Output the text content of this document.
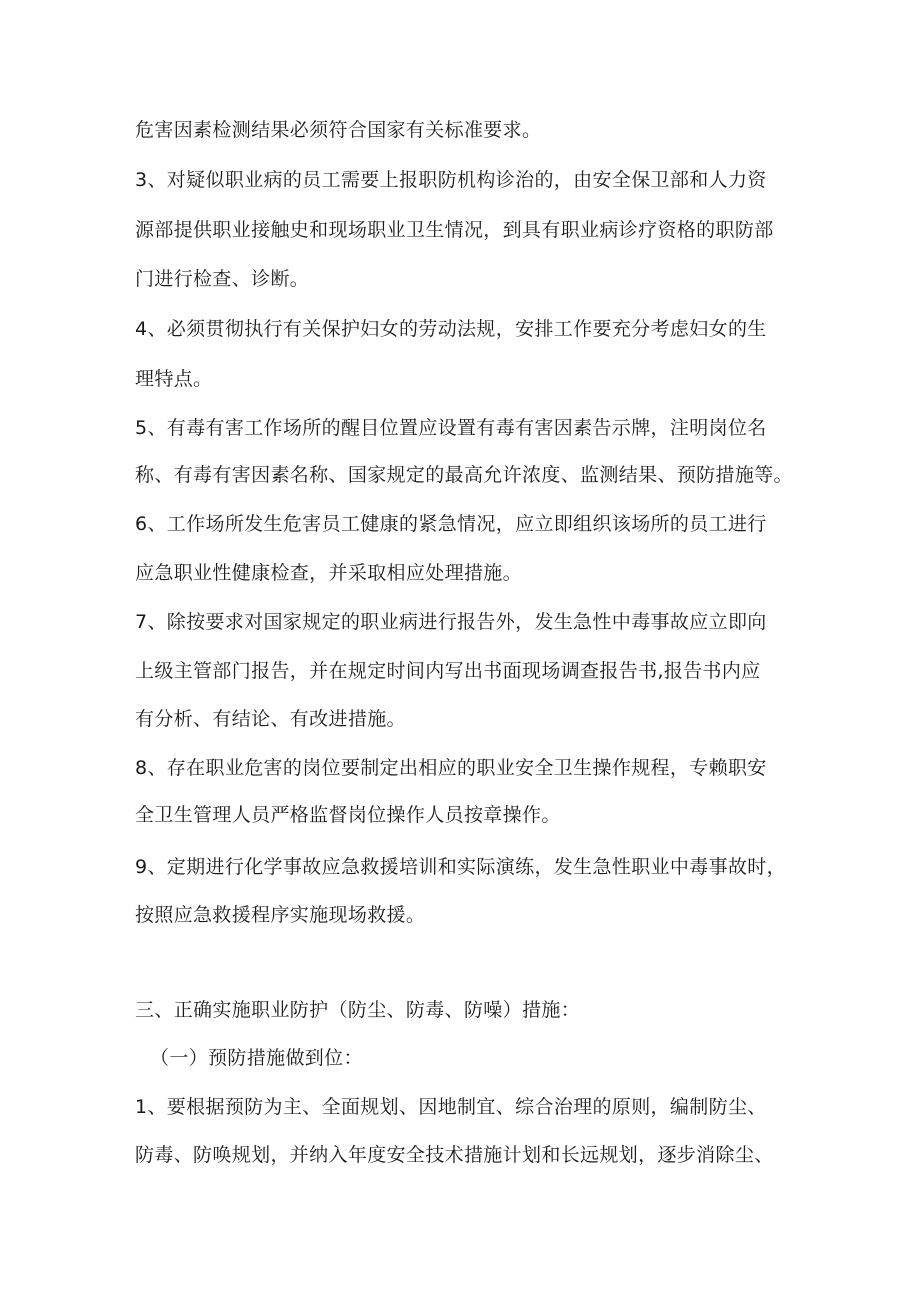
危害因素检测结果必须符合国家有关标准要求。
3、对疑似职业病的员工需要上报职防机构诊治的，由安全保卫部和人力资
源部提供职业接触史和现场职业卫生情况，到具有职业病诊疗资格的职防部
门进行检查、诊断。
4、必须贯彻执行有关保护妇女的劳动法规，安排工作要充分考虑妇女的生
理特点。
5、有毒有害工作场所的醒目位置应设置有毒有害因素告示牌，注明岗位名
称、有毒有害因素名称、国家规定的最高允许浓度、监测结果、预防措施等。
6、工作场所发生危害员工健康的紧急情况，应立即组织该场所的员工进行
应急职业性健康检查，并采取相应处理措施。
7、除按要求对国家规定的职业病进行报告外，发生急性中毒事故应立即向
上级主管部门报告，并在规定时间内写出书面现场调查报告书,报告书内应
有分析、有结论、有改进措施。
8、存在职业危害的岗位要制定出相应的职业安全卫生操作规程，专赖职安
全卫生管理人员严格监督岗位操作人员按章操作。
9、定期进行化学事故应急救援培训和实际演练，发生急性职业中毒事故时，
按照应急救援程序实施现场救援。
三、正确实施职业防护（防尘、防毒、防噪）措施：
（一）预防措施做到位：
1、要根据预防为主、全面规划、因地制宜、综合治理的原则，编制防尘、
防毒、防唤规划，并纳入年度安全技术措施计划和长远规划，逐步消除尘、
